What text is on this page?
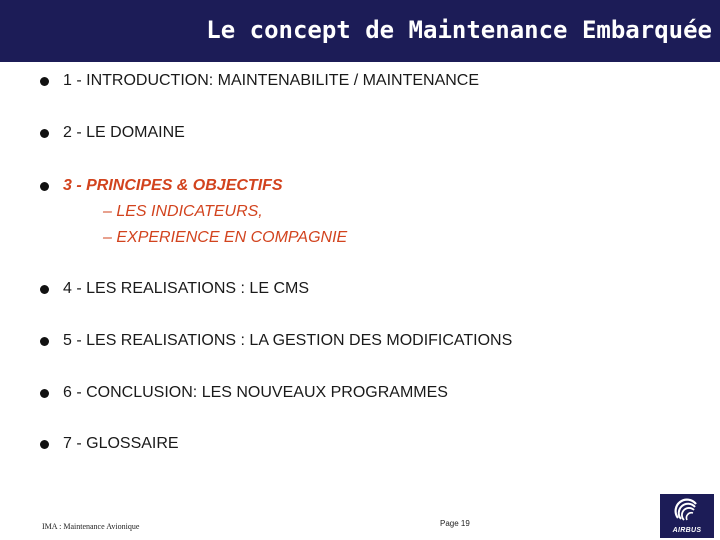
Le concept de Maintenance Embarquée
1 - INTRODUCTION: MAINTENABILITE / MAINTENANCE
2 - LE DOMAINE
3 - PRINCIPES & OBJECTIFS
– LES INDICATEURS,
– EXPERIENCE EN COMPAGNIE
4 - LES REALISATIONS : LE CMS
5 - LES REALISATIONS : LA GESTION DES MODIFICATIONS
6 - CONCLUSION: LES NOUVEAUX PROGRAMMES
7 - GLOSSAIRE
IMA : Maintenance Avionique	Page 19
AIRBUS
